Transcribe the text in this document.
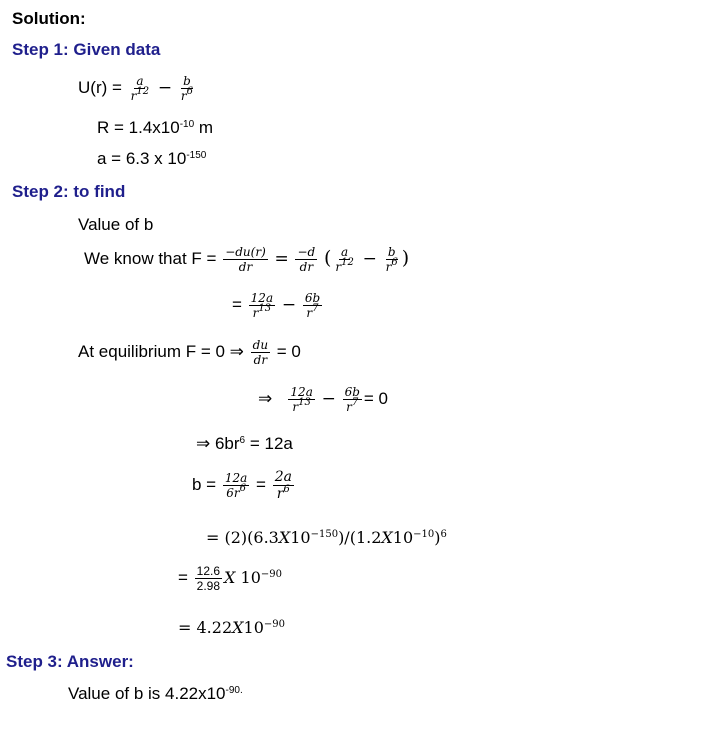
Solution:
Step 1: Given data
$U(r) = \frac{a}{r^{12}} - \frac{b}{r^6}$
$R = 1.4x10^{-10}$ m
a = 6.3 x $10^{-150}$
Step 2: to find
Value of b
We know that $F = \frac{-du(r)}{dr} = \frac{-d}{dr}$ ( $\frac{a}{r^{12}} - \frac{b}{r^6}$ )
= $\frac{12a}{r^{13}} - \frac{6b}{r^7}$
At equilibrium F = 0 ⇒ $\frac{du}{dr} = 0$
⇒ $\frac{12a}{r^{13}} - \frac{6b}{r^7} = 0$
⇒ $6br^6 = 12a$
$b = \frac{12a}{6r^6} = \frac{2a}{r^6}$
= $(2)(6.3X10^{-150})/(1.2X10^{-10})^6$
= $\frac{12.6}{2.98}$ X $10^{-90}$
= $4.22X10^{-90}$
Step 3: Answer:
Value of b is $4.22x10^{-90.}$
